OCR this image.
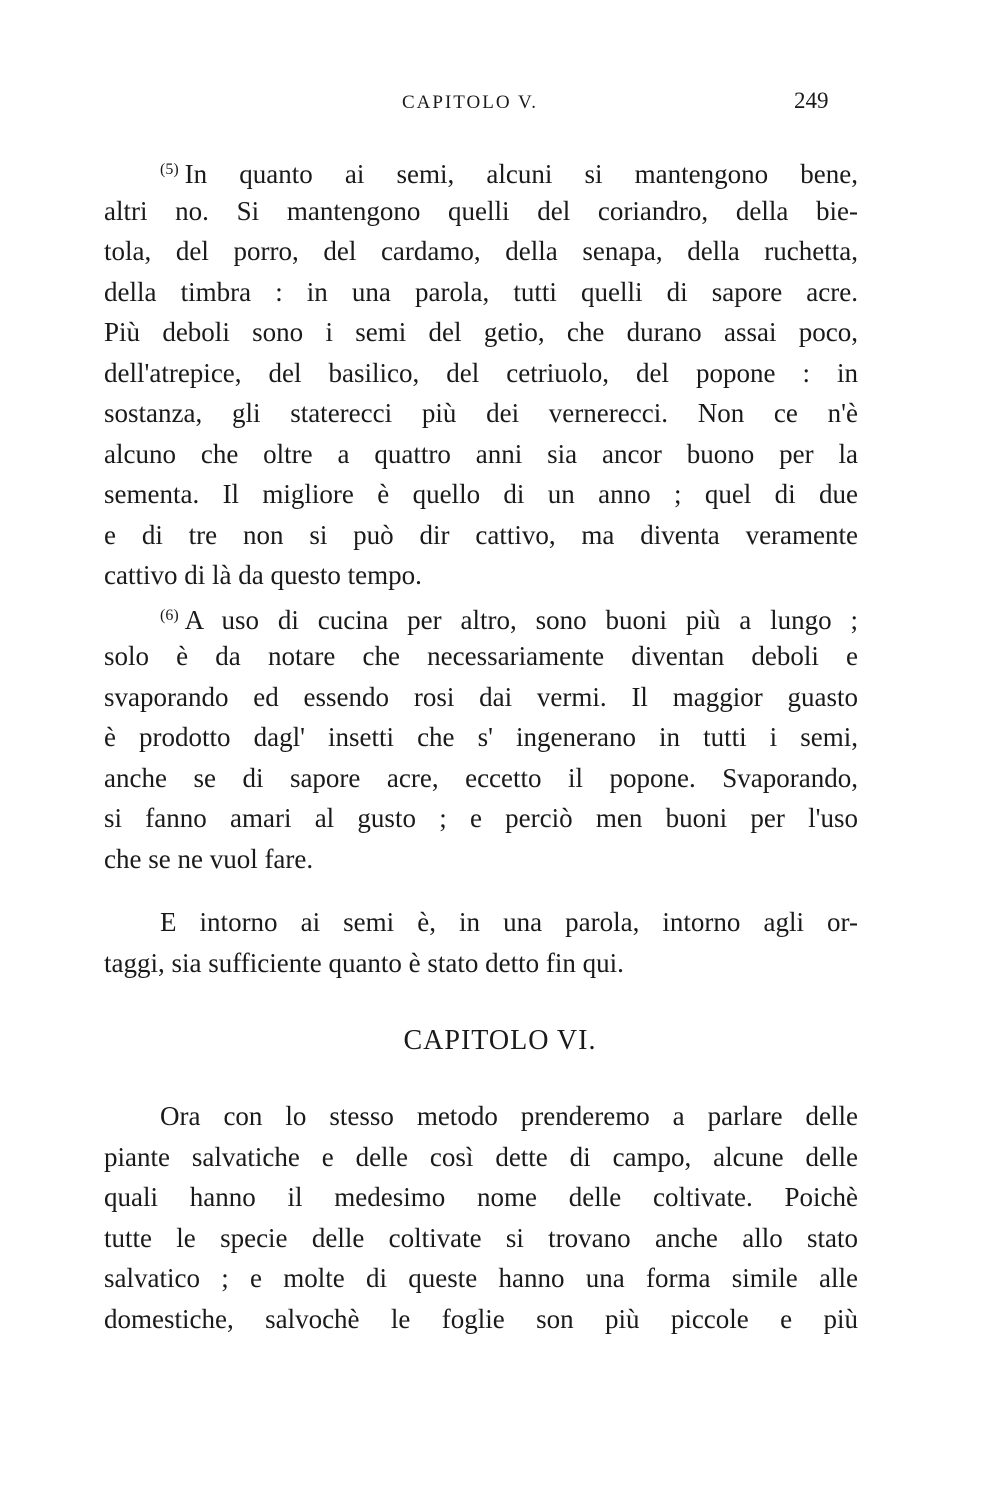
CAPITOLO V.	249
$^{(5)}$ In quanto ai semi, alcuni si mantengono bene,
altri no. Si mantengono quelli del coriandro, della bie-
tola, del porro, del cardamo, della senapa, della ruchetta,
della timbra : in una parola, tutti quelli di sapore acre.
Più deboli sono i semi del getio, che durano assai poco,
dell'atrepice, del basilico, del cetriuolo, del popone : in
sostanza, gli staterecci più dei vernerecci. Non ce n'è
alcuno che oltre a quattro anni sia ancor buono per la
sementa. Il migliore è quello di un anno ; quel di due
e di tre non si può dir cattivo, ma diventa veramente
cattivo di là da questo tempo.
$^{(6)}$ A uso di cucina per altro, sono buoni più a lungo ;
solo è da notare che necessariamente diventan deboli e
svaporando ed essendo rosi dai vermi. Il maggior guasto
è prodotto dagl' insetti che s' ingenerano in tutti i semi,
anche se di sapore acre, eccetto il popone. Svaporando,
si fanno amari al gusto ; e perciò men buoni per l'uso
che se ne vuol fare.
E intorno ai semi è, in una parola, intorno agli or-
taggi, sia sufficiente quanto è stato detto fin qui.
CAPITOLO VI.
Ora con lo stesso metodo prenderemo a parlare delle
piante salvatiche e delle così dette di campo, alcune delle
quali hanno il medesimo nome delle coltivate. Poichè
tutte le specie delle coltivate si trovano anche allo stato
salvatico ; e molte di queste hanno una forma simile alle
domestiche, salvochè le foglie son più piccole e più
